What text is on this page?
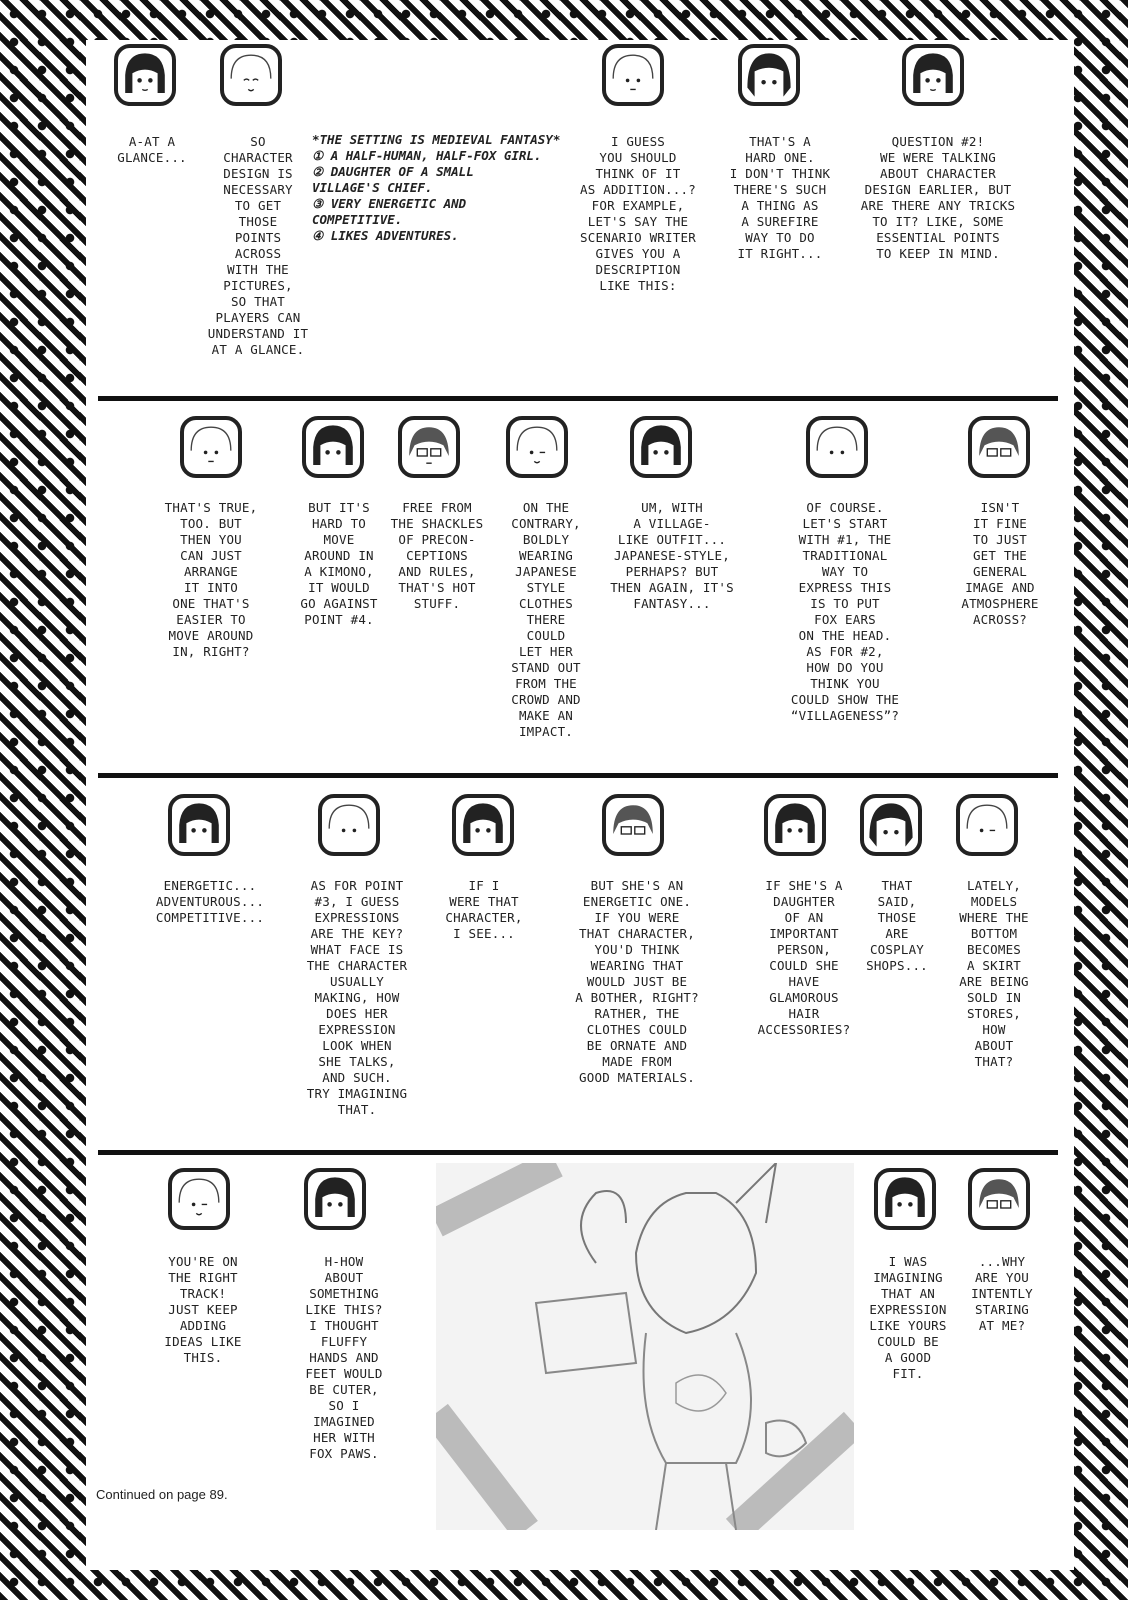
A-AT A
GLANCE...
SO
CHARACTER
DESIGN IS
NECESSARY
TO GET
THOSE
POINTS
ACROSS
WITH THE
PICTURES,
SO THAT
PLAYERS CAN
UNDERSTAND IT
AT A GLANCE.
*THE SETTING IS MEDIEVAL FANTASY*
① A HALF-HUMAN, HALF-FOX GIRL.
② DAUGHTER OF A SMALL
VILLAGE'S CHIEF.
③ VERY ENERGETIC AND
COMPETITIVE.
④ LIKES ADVENTURES.
I GUESS
YOU SHOULD
THINK OF IT
AS ADDITION...?
FOR EXAMPLE,
LET'S SAY THE
SCENARIO WRITER
GIVES YOU A
DESCRIPTION
LIKE THIS:
THAT'S A
HARD ONE.
I DON'T THINK
THERE'S SUCH
A THING AS
A SUREFIRE
WAY TO DO
IT RIGHT...
QUESTION #2!
WE WERE TALKING
ABOUT CHARACTER
DESIGN EARLIER, BUT
ARE THERE ANY TRICKS
TO IT? LIKE, SOME
ESSENTIAL POINTS
TO KEEP IN MIND.
THAT'S TRUE,
TOO. BUT
THEN YOU
CAN JUST
ARRANGE
IT INTO
ONE THAT'S
EASIER TO
MOVE AROUND
IN, RIGHT?
BUT IT'S
HARD TO
MOVE
AROUND IN
A KIMONO,
IT WOULD
GO AGAINST
POINT #4.
FREE FROM
THE SHACKLES
OF PRECON-
CEPTIONS
AND RULES,
THAT'S HOT
STUFF.
ON THE
CONTRARY,
BOLDLY
WEARING
JAPANESE
STYLE
CLOTHES
THERE
COULD
LET HER
STAND OUT
FROM THE
CROWD AND
MAKE AN
IMPACT.
UM, WITH
A VILLAGE-
LIKE OUTFIT...
JAPANESE-STYLE,
PERHAPS? BUT
THEN AGAIN, IT'S
FANTASY...
OF COURSE.
LET'S START
WITH #1, THE
TRADITIONAL
WAY TO
EXPRESS THIS
IS TO PUT
FOX EARS
ON THE HEAD.
AS FOR #2,
HOW DO YOU
THINK YOU
COULD SHOW THE
“VILLAGENESS”?
ISN'T
IT FINE
TO JUST
GET THE
GENERAL
IMAGE AND
ATMOSPHERE
ACROSS?
ENERGETIC...
ADVENTUROUS...
COMPETITIVE...
AS FOR POINT
#3, I GUESS
EXPRESSIONS
ARE THE KEY?
WHAT FACE IS
THE CHARACTER
USUALLY
MAKING, HOW
DOES HER
EXPRESSION
LOOK WHEN
SHE TALKS,
AND SUCH.
TRY IMAGINING
THAT.
IF I
WERE THAT
CHARACTER,
I SEE...
BUT SHE'S AN
ENERGETIC ONE.
IF YOU WERE
THAT CHARACTER,
YOU'D THINK
WEARING THAT
WOULD JUST BE
A BOTHER, RIGHT?
RATHER, THE
CLOTHES COULD
BE ORNATE AND
MADE FROM
GOOD MATERIALS.
IF SHE'S A
DAUGHTER
OF AN
IMPORTANT
PERSON,
COULD SHE
HAVE
GLAMOROUS
HAIR
ACCESSORIES?
THAT
SAID,
THOSE
ARE
COSPLAY
SHOPS...
LATELY,
MODELS
WHERE THE
BOTTOM
BECOMES
A SKIRT
ARE BEING
SOLD IN
STORES,
HOW
ABOUT
THAT?
YOU'RE ON
THE RIGHT
TRACK!
JUST KEEP
ADDING
IDEAS LIKE
THIS.
H-HOW
ABOUT
SOMETHING
LIKE THIS?
I THOUGHT
FLUFFY
HANDS AND
FEET WOULD
BE CUTER,
SO I
IMAGINED
HER WITH
FOX PAWS.
I WAS
IMAGINING
THAT AN
EXPRESSION
LIKE YOURS
COULD BE
A GOOD
FIT.
...WHY
ARE YOU
INTENTLY
STARING
AT ME?
Continued on page 89.
